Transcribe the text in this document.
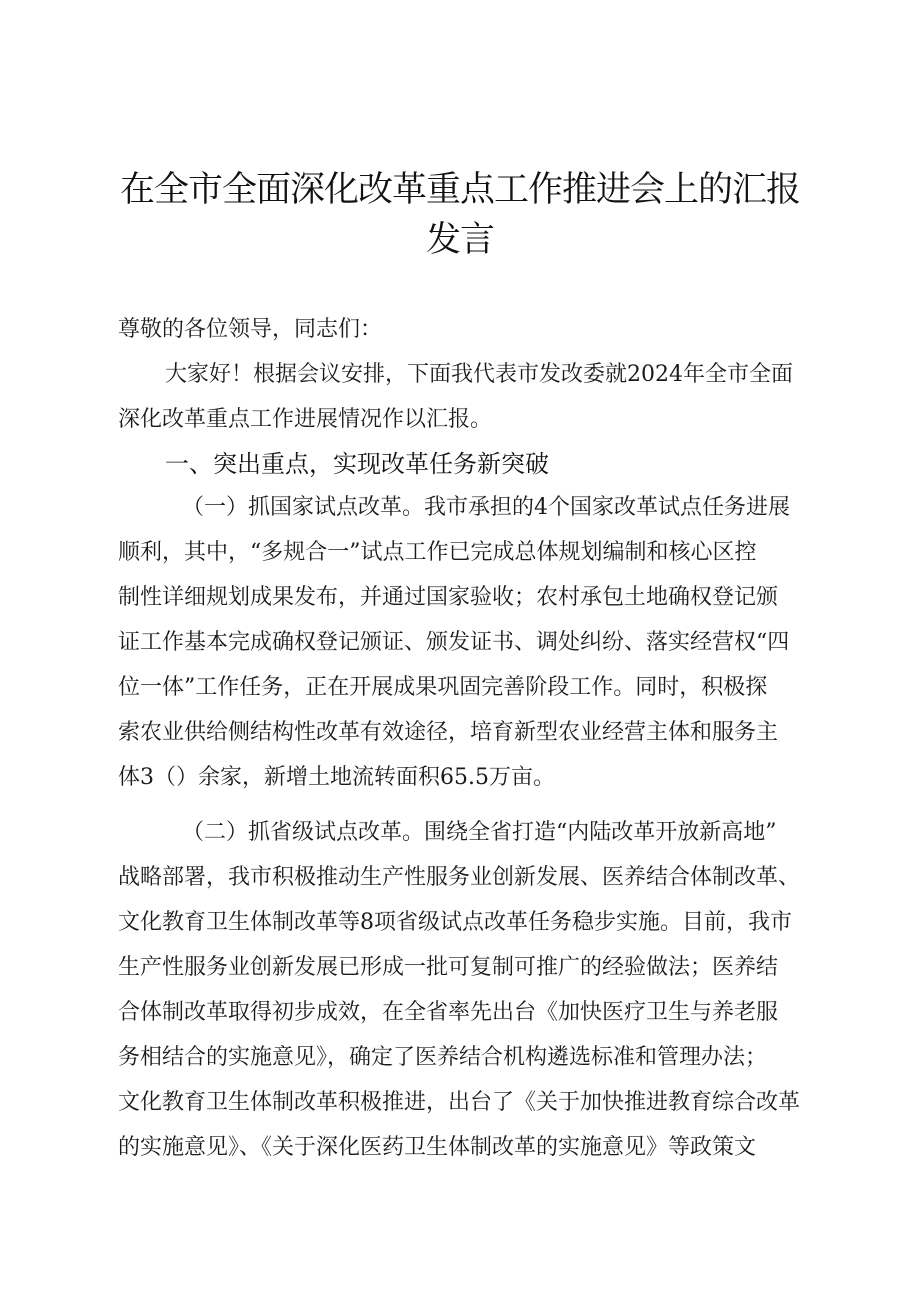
在全市全面深化改革重点工作推进会上的汇报
发言
尊敬的各位领导，同志们：
大家好！根据会议安排，下面我代表市发改委就2024年全市全面
深化改革重点工作进展情况作以汇报。
一、突出重点，实现改革任务新突破
（一）抓国家试点改革。我市承担的4个国家改革试点任务进展
顺利，其中，“多规合一”试点工作已完成总体规划编制和核心区控
制性详细规划成果发布，并通过国家验收；农村承包土地确权登记颁
证工作基本完成确权登记颁证、颁发证书、调处纠纷、落实经营权“四
位一体”工作任务，正在开展成果巩固完善阶段工作。同时，积极探
索农业供给侧结构性改革有效途径，培育新型农业经营主体和服务主
体3（）余家，新增土地流转面积65.5万亩。
（二）抓省级试点改革。围绕全省打造“内陆改革开放新高地”
战略部署，我市积极推动生产性服务业创新发展、医养结合体制改革、
文化教育卫生体制改革等8项省级试点改革任务稳步实施。目前，我市
生产性服务业创新发展已形成一批可复制可推广的经验做法；医养结
合体制改革取得初步成效，在全省率先出台《加快医疗卫生与养老服
务相结合的实施意见》，确定了医养结合机构遴选标准和管理办法；
文化教育卫生体制改革积极推进，出台了《关于加快推进教育综合改革
的实施意见》、《关于深化医药卫生体制改革的实施意见》等政策文
